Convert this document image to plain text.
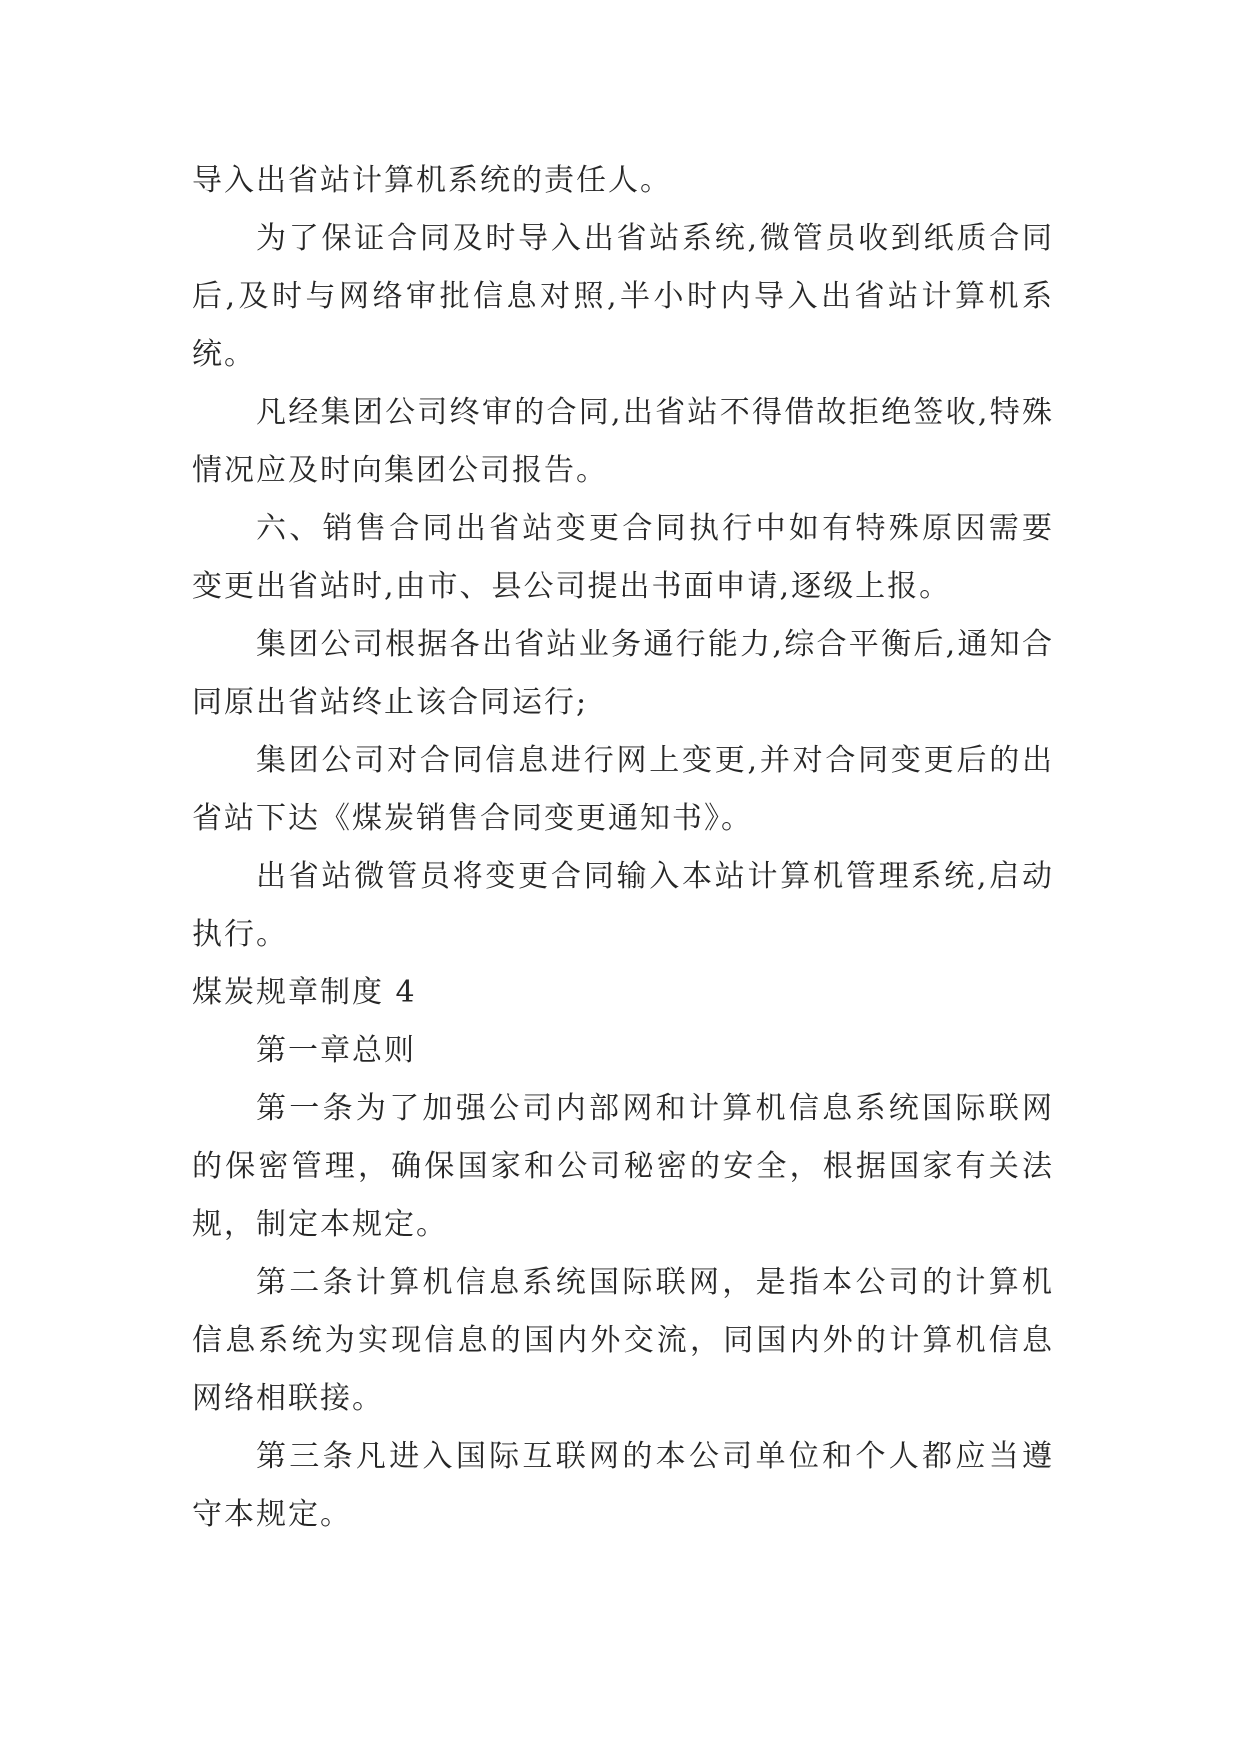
导入出省站计算机系统的责任人。

为了保证合同及时导入出省站系统,微管员收到纸质合同后,及时与网络审批信息对照,半小时内导入出省站计算机系统。

凡经集团公司终审的合同,出省站不得借故拒绝签收,特殊情况应及时向集团公司报告。

六、销售合同出省站变更合同执行中如有特殊原因需要变更出省站时,由市、县公司提出书面申请,逐级上报。

集团公司根据各出省站业务通行能力,综合平衡后,通知合同原出省站终止该合同运行;

集团公司对合同信息进行网上变更,并对合同变更后的出省站下达《煤炭销售合同变更通知书》。

出省站微管员将变更合同输入本站计算机管理系统,启动执行。

煤炭规章制度 4

第一章总则

第一条为了加强公司内部网和计算机信息系统国际联网的保密管理，确保国家和公司秘密的安全，根据国家有关法规，制定本规定。

第二条计算机信息系统国际联网，是指本公司的计算机信息系统为实现信息的国内外交流，同国内外的计算机信息网络相联接。

第三条凡进入国际互联网的本公司单位和个人都应当遵守本规定。
